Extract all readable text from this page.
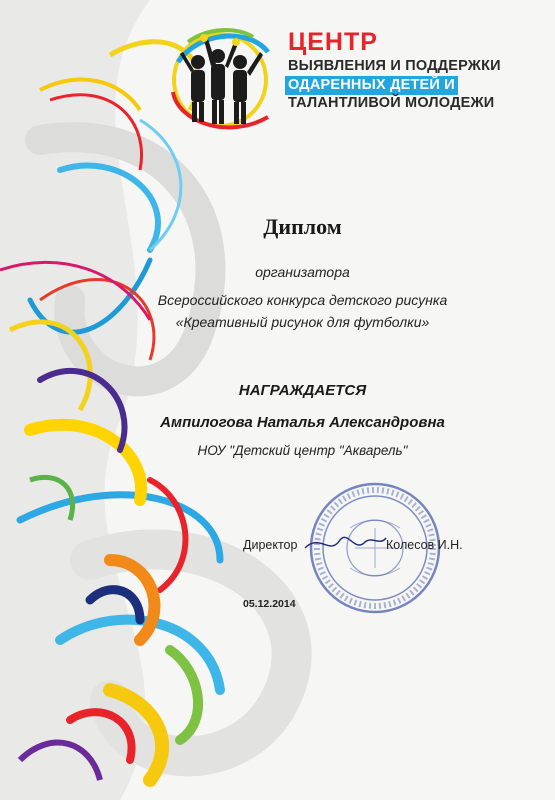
ЦЕНТР
ВЫЯВЛЕНИЯ И ПОДДЕРЖКИ
ОДАРЕННЫХ ДЕТЕЙ И
ТАЛАНТЛИВОЙ МОЛОДЕЖИ
Диплом
организатора
Всероссийского конкурса детского рисунка
«Креативный рисунок для футболки»
НАГРАЖДАЕТСЯ
Ампилогова Наталья Александровна
НОУ "Детский центр "Акварель"
Директор	Колесов И.Н.
05.12.2014
